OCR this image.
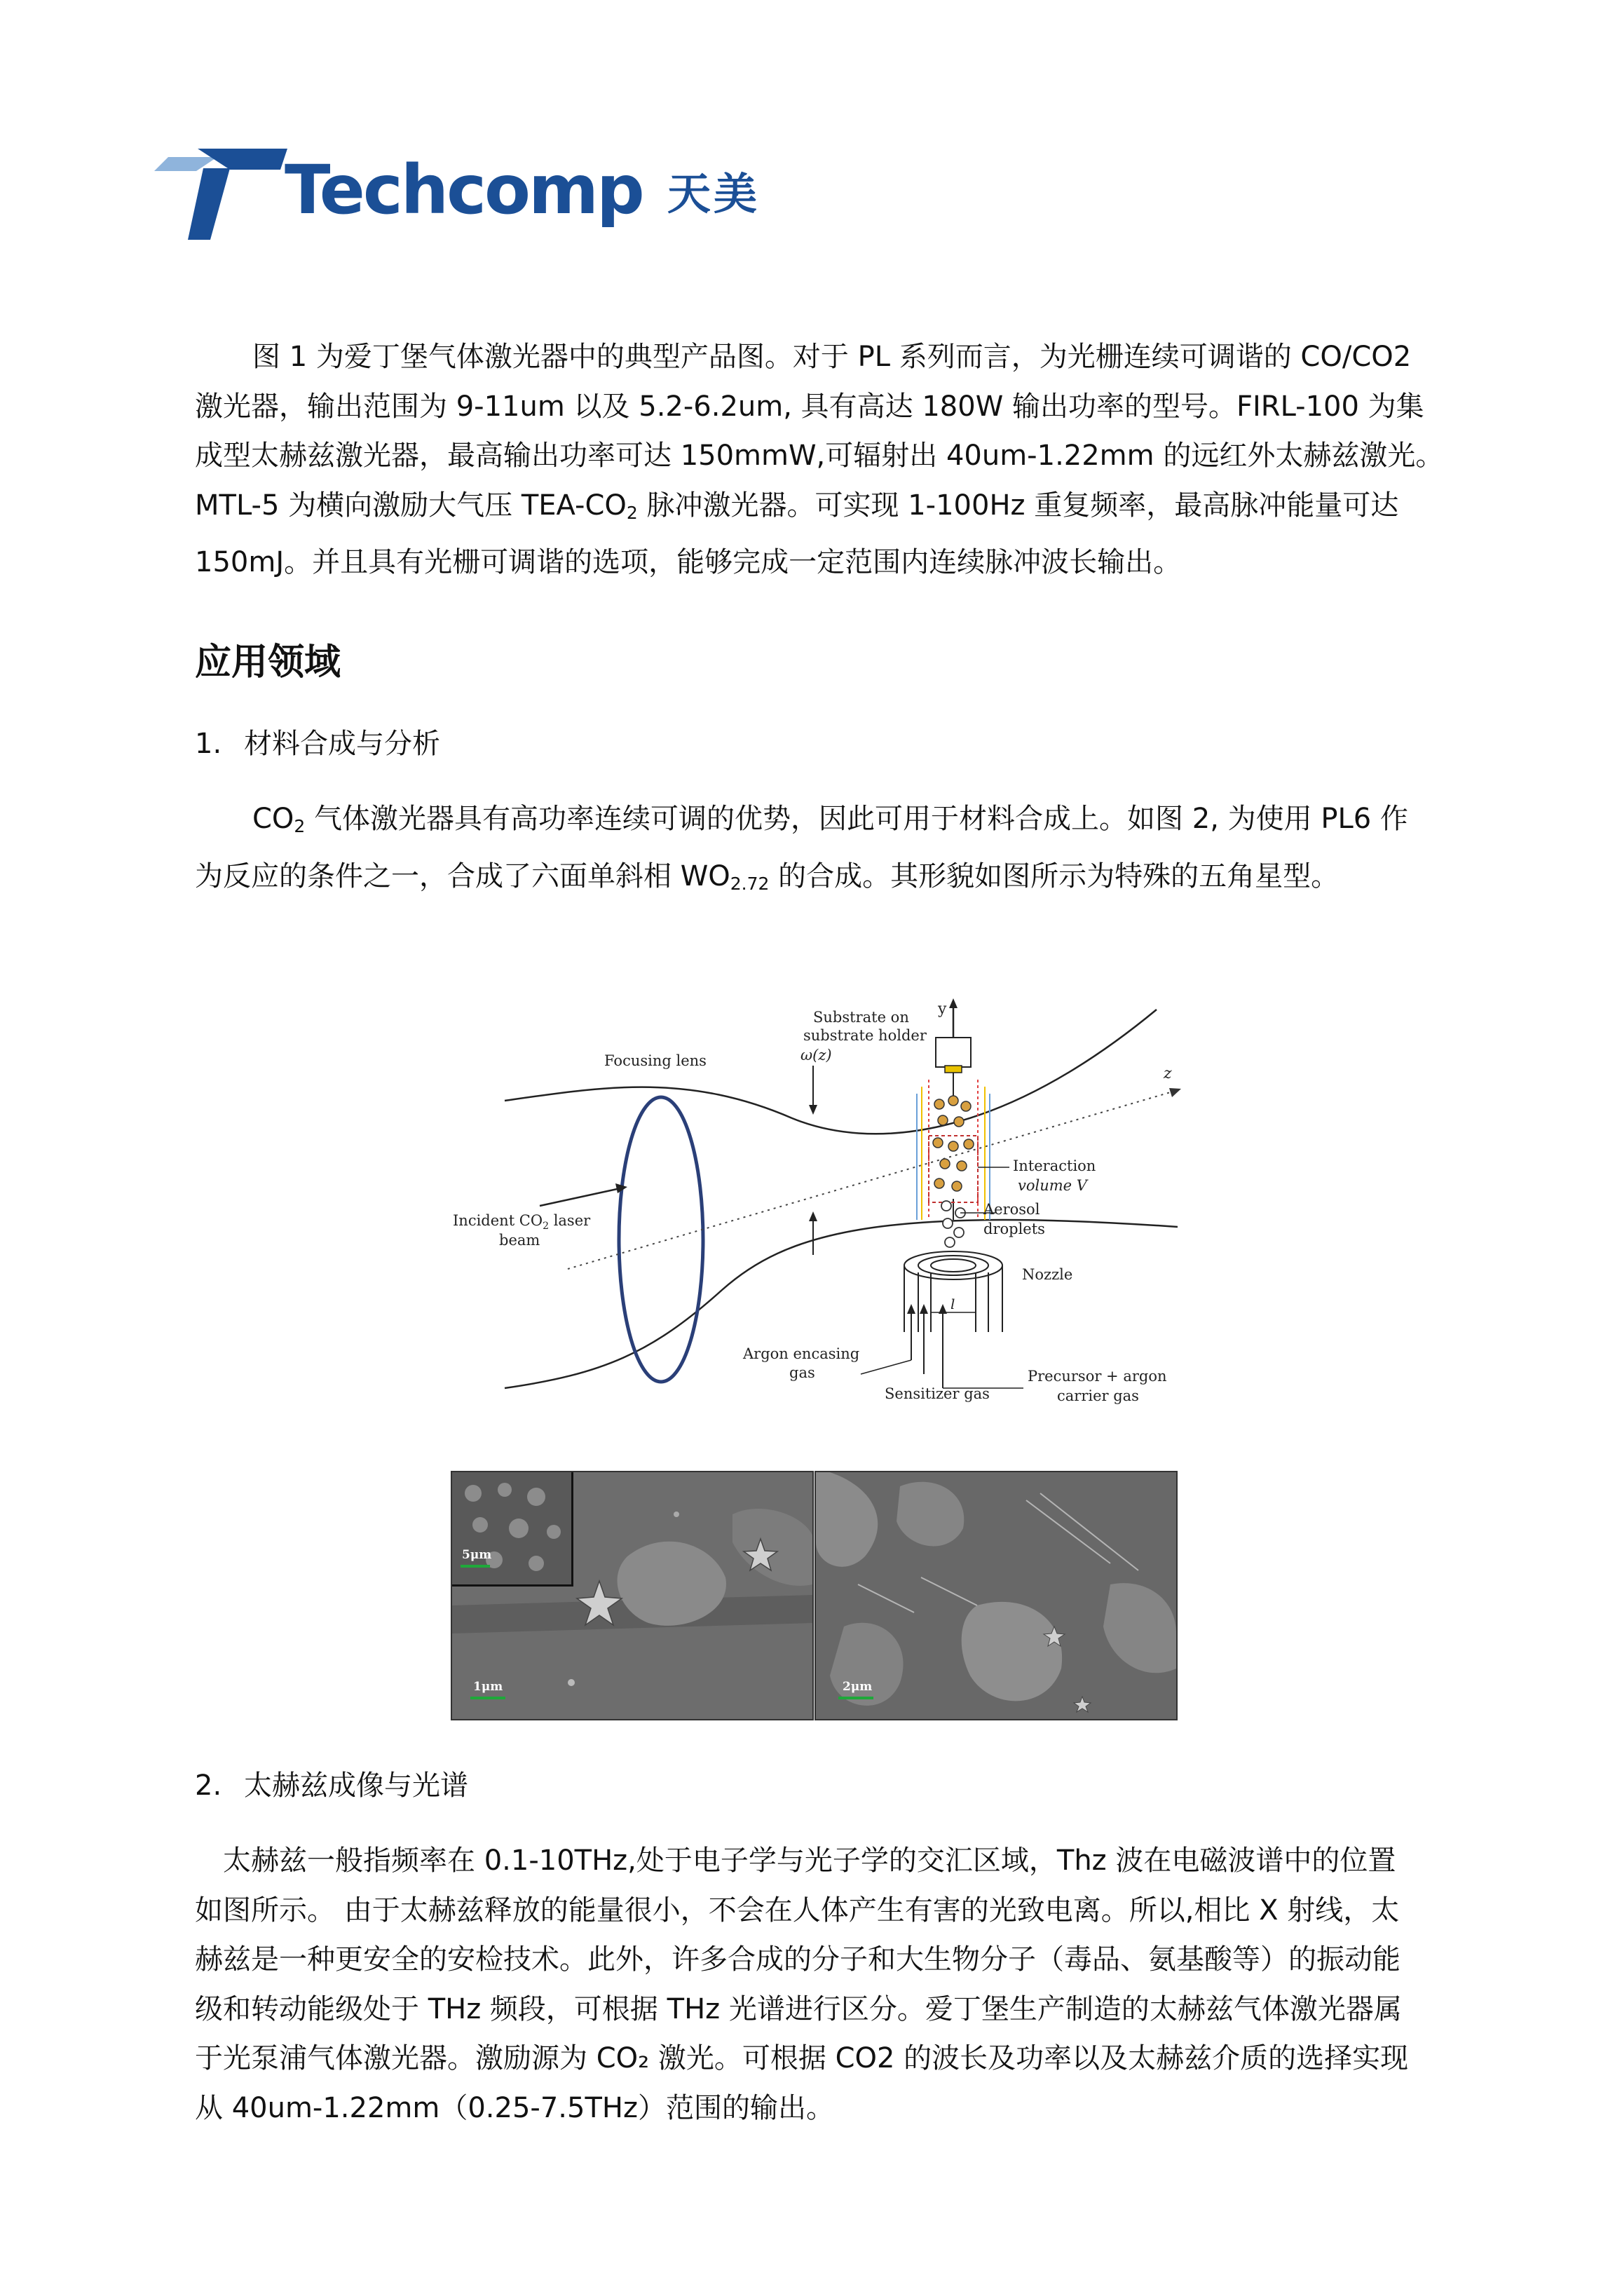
Techcomp 天美
图 1 为爱丁堡气体激光器中的典型产品图。对于 PL 系列而言，为光栅连续可调谐的 CO/CO2
激光器，输出范围为 9-11um 以及 5.2-6.2um, 具有高达 180W 输出功率的型号。FIRL-100 为集
成型太赫兹激光器，最高输出功率可达 150mmW,可辐射出 40um-1.22mm 的远红外太赫兹激光。
MTL-5 为横向激励大气压 TEA-$CO_2$ 脉冲激光器。可实现 1-100Hz 重复频率，最高脉冲能量可达
150mJ。并且具有光栅可调谐的选项，能够完成一定范围内连续脉冲波长输出。
应用领域

1. 材料合成与分析

$CO_2$ 气体激光器具有高功率连续可调的优势，因此可用于材料合成上。如图 2, 为使用 PL6 作
为反应的条件之一，合成了六面单斜相 $WO_{2.72}$ 的合成。其形貌如图所示为特殊的五角星型。
Substrate on
substrate holder
Focusing lens	ω(z)
y
z
Incident $CO_2$ laser
beam
Interaction
volume V
Aerosol
droplets
Nozzle
l
Argon encasing
gas
Sensitizer gas
Precursor + argon
carrier gas
5μm
1μm	2μm

2. 太赫兹成像与光谱

太赫兹一般指频率在 0.1-10THz,处于电子学与光子学的交汇区域，Thz 波在电磁波谱中的位置
如图所示。 由于太赫兹释放的能量很小，不会在人体产生有害的光致电离。所以,相比 X 射线，太
赫兹是一种更安全的安检技术。此外，许多合成的分子和大生物分子（毒品、氨基酸等）的振动能
级和转动能级处于 THz 频段，可根据 THz 光谱进行区分。爱丁堡生产制造的太赫兹气体激光器属
于光泵浦气体激光器。激励源为 CO₂ 激光。可根据 CO2 的波长及功率以及太赫兹介质的选择实现
从 40um-1.22mm（0.25-7.5THz）范围的输出。
